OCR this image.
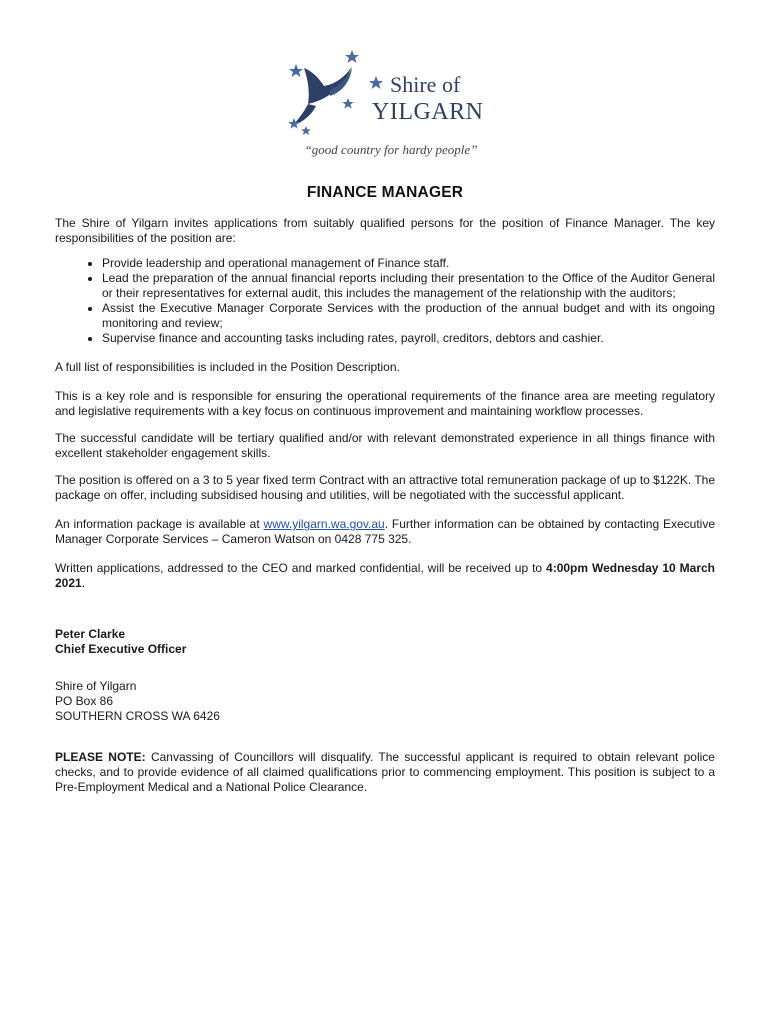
Shire of
YILGARN
“good country for hardy people”
FINANCE MANAGER

The Shire of Yilgarn invites applications from suitably qualified persons for the position of Finance Manager. The key responsibilities of the position are:

• Provide leadership and operational management of Finance staff.
• Lead the preparation of the annual financial reports including their presentation to the Office of the Auditor General or their representatives for external audit, this includes the management of the relationship with the auditors;
• Assist the Executive Manager Corporate Services with the production of the annual budget and with its ongoing monitoring and review;
• Supervise finance and accounting tasks including rates, payroll, creditors, debtors and cashier.

A full list of responsibilities is included in the Position Description.

This is a key role and is responsible for ensuring the operational requirements of the finance area are meeting regulatory and legislative requirements with a key focus on continuous improvement and maintaining workflow processes.

The successful candidate will be tertiary qualified and/or with relevant demonstrated experience in all things finance with excellent stakeholder engagement skills.

The position is offered on a 3 to 5 year fixed term Contract with an attractive total remuneration package of up to $122K. The package on offer, including subsidised housing and utilities, will be negotiated with the successful applicant.

An information package is available at www.yilgarn.wa.gov.au. Further information can be obtained by contacting Executive Manager Corporate Services – Cameron Watson on 0428 775 325.

Written applications, addressed to the CEO and marked confidential, will be received up to 4:00pm Wednesday 10 March 2021.

Peter Clarke

Chief Executive Officer

Shire of Yilgarn

PO Box 86

SOUTHERN CROSS WA 6426

PLEASE NOTE: Canvassing of Councillors will disqualify. The successful applicant is required to obtain relevant police checks, and to provide evidence of all claimed qualifications prior to commencing employment. This position is subject to a Pre-Employment Medical and a National Police Clearance.
